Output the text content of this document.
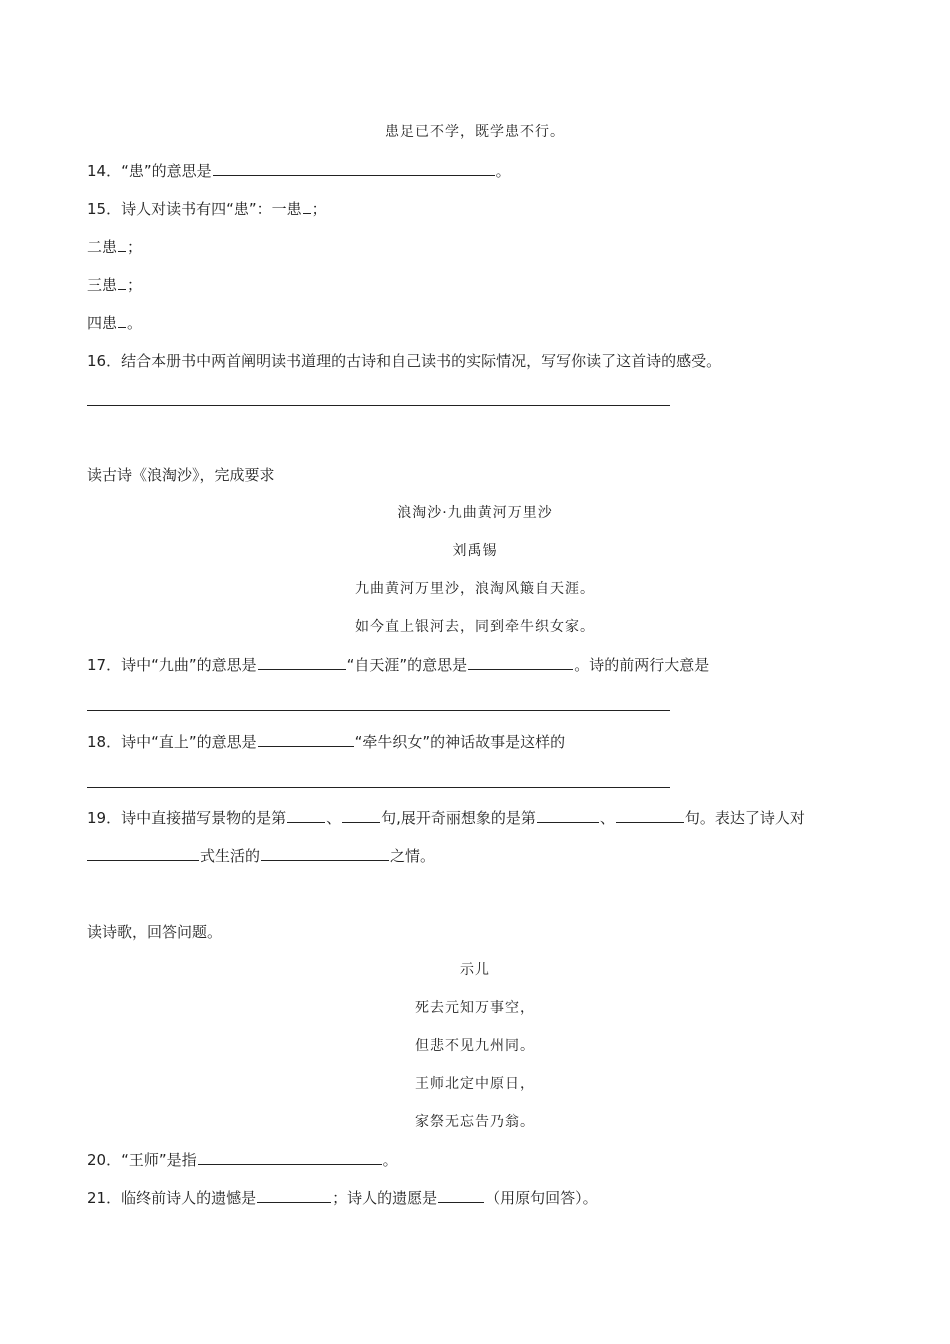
患足已不学，既学患不行。
14．“患”的意思是	。
15．诗人对读书有四“患”：一患 ；
二患 ；
三患 ；
四患 。
16．结合本册书中两首阐明读书道理的古诗和自己读书的实际情况，写写你读了这首诗的感受。
读古诗《浪淘沙》，完成要求
浪淘沙·九曲黄河万里沙
刘禹锡
九曲黄河万里沙，浪淘风簸自天涯。
如今直上银河去，同到牵牛织女家。
17．诗中“九曲”的意思是	“自天涯”的意思是	。诗的前两行大意是
18．诗中“直上”的意思是	“牵牛织女”的神话故事是这样的
19．诗中直接描写景物的是第	、	句,展开奇丽想象的是第	、	句。表达了诗人对
式生活的	之情。
读诗歌，回答问题。
示儿
死去元知万事空，
但悲不见九州同。
王师北定中原日，
家祭无忘告乃翁。
20．“王师”是指	。
21．临终前诗人的遗憾是	；诗人的遗愿是	（用原句回答）。
